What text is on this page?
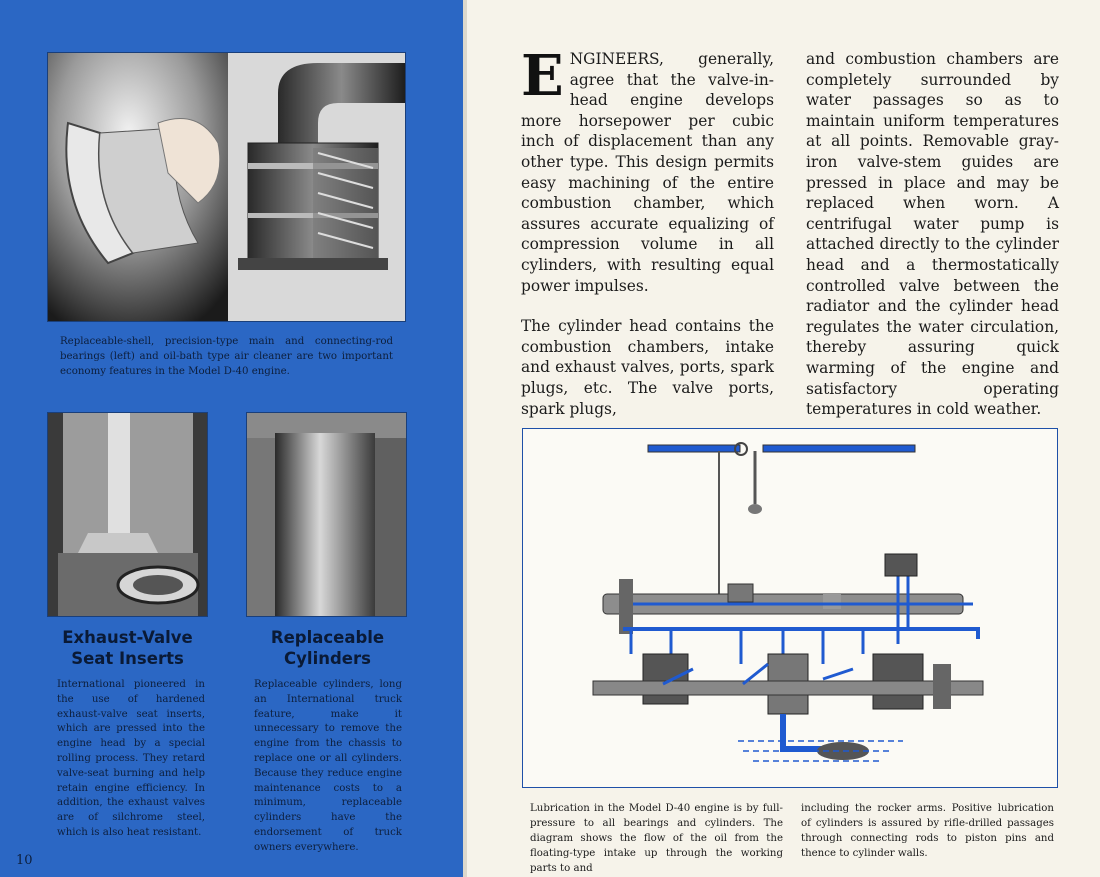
Replaceable-shell, precision-type main and connecting-rod bearings (left) and oil-bath type air cleaner are two important economy features in the Model D-40 engine.
Exhaust-Valve
Seat Inserts
Replaceable
Cylinders
International pioneered in the use of hardened exhaust-valve seat inserts, which are pressed into the engine head by a special rolling process. They retard valve-seat burning and help retain engine efficiency. In addition, the exhaust valves are of silchrome steel, which is also heat resistant.
Replaceable cylinders, long an International truck feature, make it unnecessary to remove the engine from the chassis to replace one or all cylinders. Because they reduce engine maintenance costs to a minimum, replaceable cylinders have the endorsement of truck owners everywhere.
10
E NGINEERS, generally, agree that the valve-in-head engine develops more horsepower per cubic inch of displacement than any other type. This design permits easy machining of the entire combustion chamber, which assures accurate equalizing of compression volume in all cylinders, with resulting equal power impulses.
The cylinder head contains the combustion chambers, intake and exhaust valves, ports, spark plugs, etc. The valve ports, spark plugs,
and combustion chambers are completely surrounded by water passages so as to maintain uniform temperatures at all points. Removable gray-iron valve-stem guides are pressed in place and may be replaced when worn. A centrifugal water pump is attached directly to the cylinder head and a thermostatically controlled valve between the radiator and the cylinder head regulates the water circulation, thereby assuring quick warming of the engine and satisfactory operating temperatures in cold weather.
Lubrication in the Model D-40 engine is by full-pressure to all bearings and cylinders. The diagram shows the flow of the oil from the floating-type intake up through the working parts to and
including the rocker arms. Positive lubrication of cylinders is assured by rifle-drilled passages through connecting rods to piston pins and thence to cylinder walls.
